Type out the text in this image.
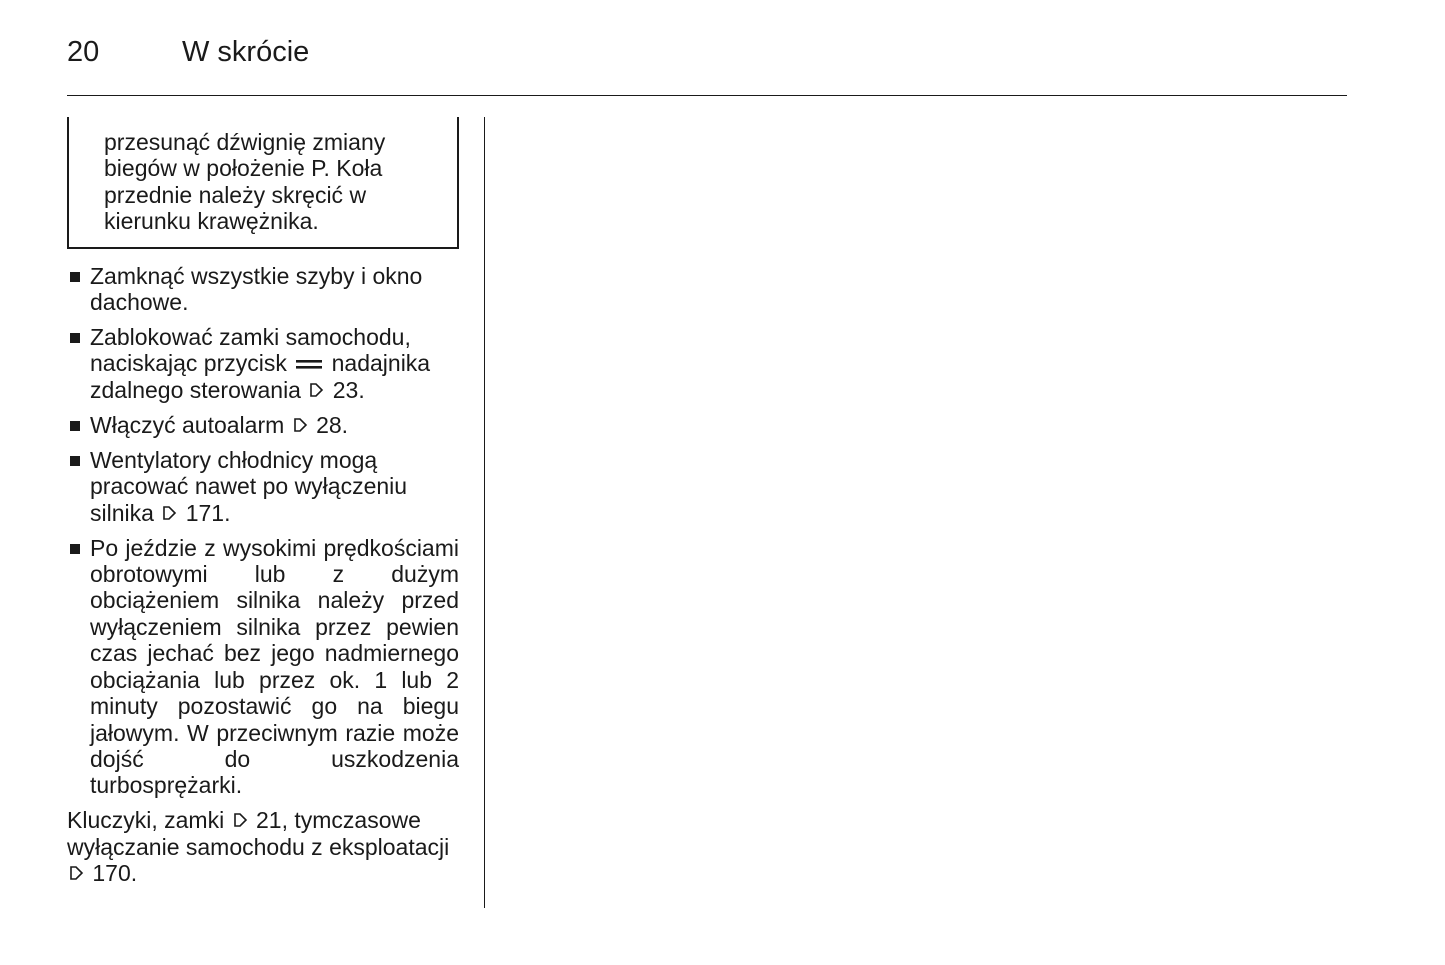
20	W skrócie

przesunąć dźwignię zmiany

biegów w położenie P. Koła

przednie należy skręcić w

kierunku krawężnika.

Zamknąć wszystkie szyby i okno dachowe.
Zablokować zamki samochodu, naciskając przycisk nadajnika zdalnego sterowania 23.
Włączyć autoalarm 28.
Wentylatory chłodnicy mogą pracować nawet po wyłączeniu silnika 171.
Po jeździe z wysokimi prędkościami obrotowymi lub z dużym obciążeniem silnika należy przed wyłączeniem silnika przez pewien czas jechać bez jego nadmiernego obciążania lub przez ok. 1 lub 2 minuty pozostawić go na biegu jałowym. W przeciwnym razie może dojść do uszkodzenia turbosprężarki.

Kluczyki, zamki 21, tymczasowe wyłączanie samochodu z eksploatacji  170.
